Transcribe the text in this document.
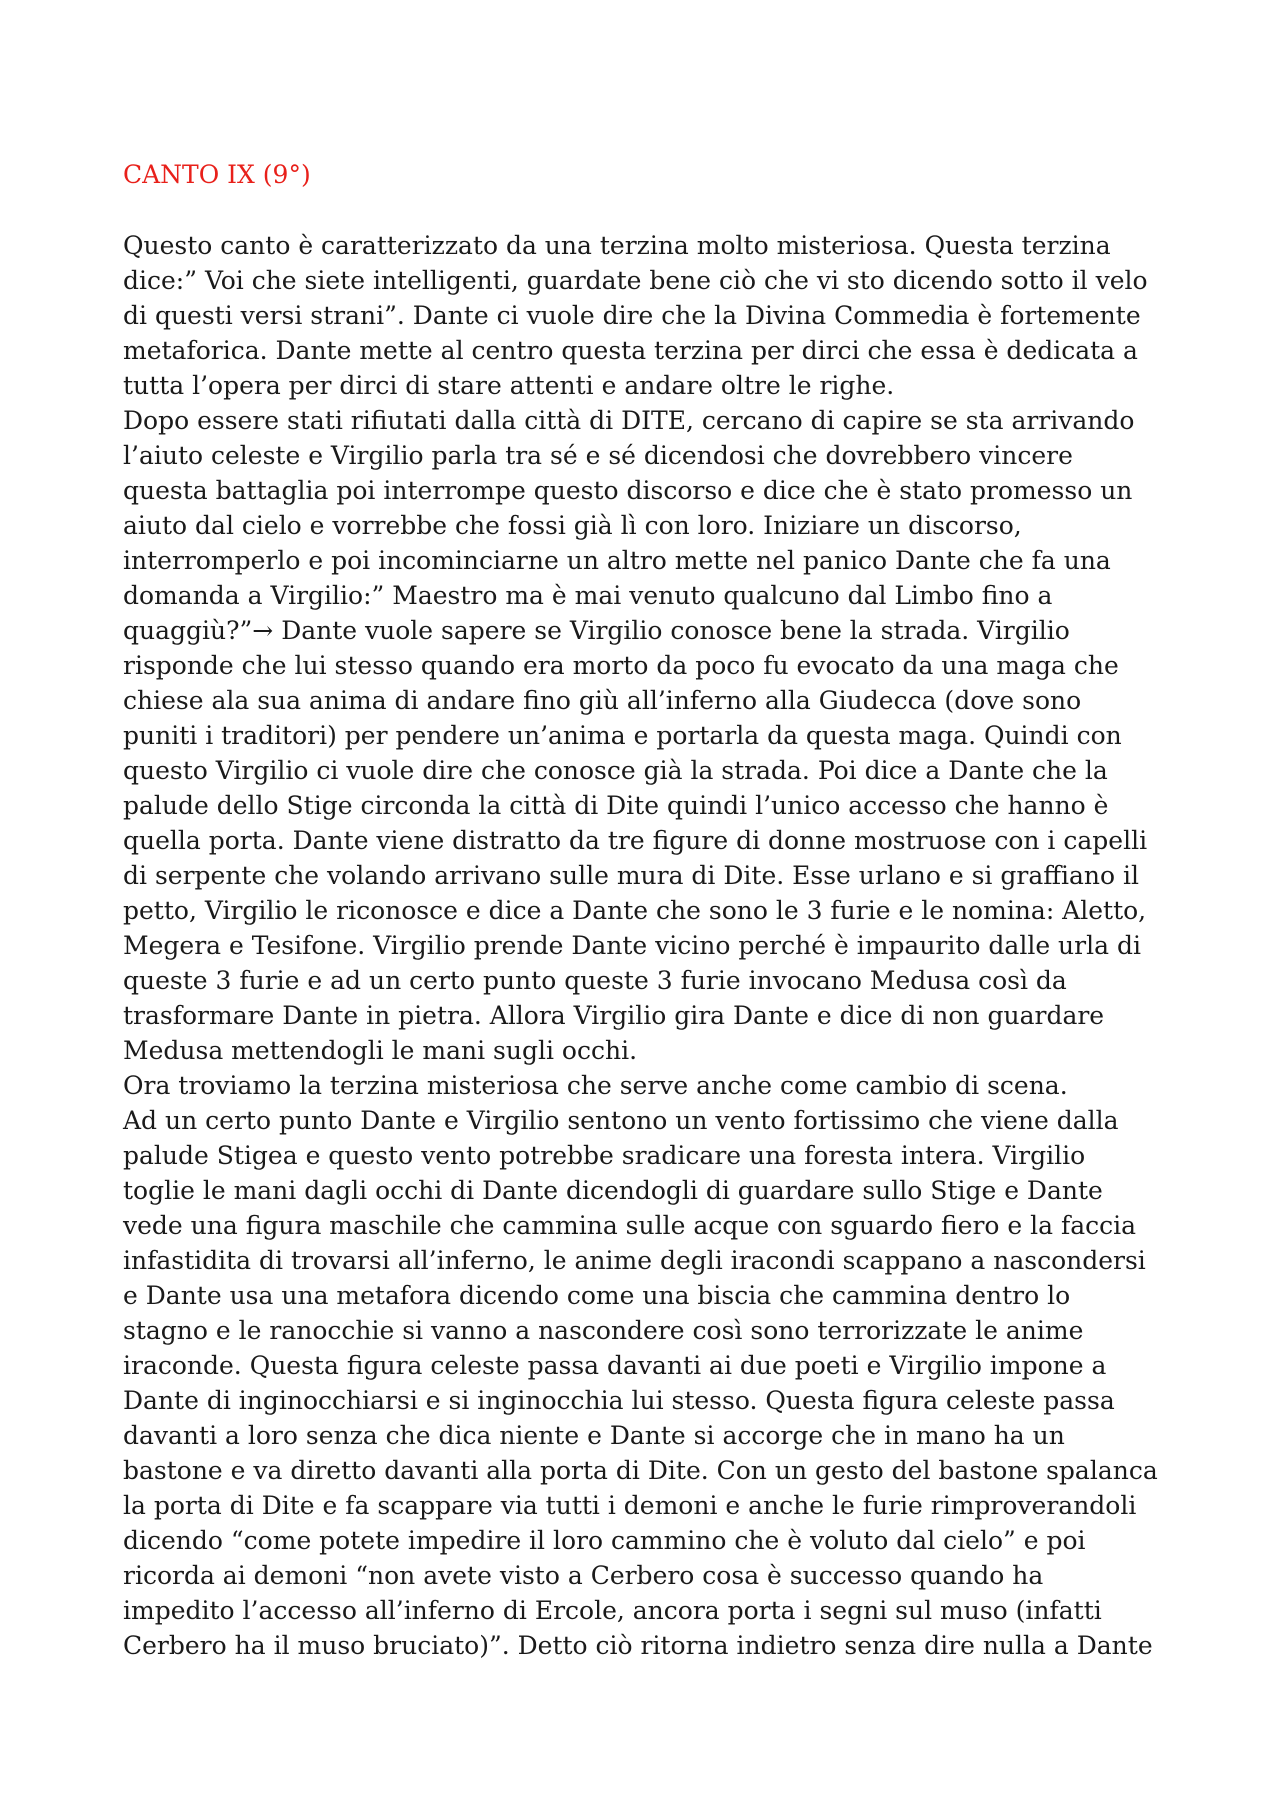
CANTO IX (9°)
Questo canto è caratterizzato da una terzina molto misteriosa. Questa terzina
dice:” Voi che siete intelligenti, guardate bene ciò che vi sto dicendo sotto il velo
di questi versi strani”. Dante ci vuole dire che la Divina Commedia è fortemente
metaforica. Dante mette al centro questa terzina per dirci che essa è dedicata a
tutta l’opera per dirci di stare attenti e andare oltre le righe.
Dopo essere stati rifiutati dalla città di DITE, cercano di capire se sta arrivando
l’aiuto celeste e Virgilio parla tra sé e sé dicendosi che dovrebbero vincere
questa battaglia poi interrompe questo discorso e dice che è stato promesso un
aiuto dal cielo e vorrebbe che fossi già lì con loro. Iniziare un discorso,
interromperlo e poi incominciarne un altro mette nel panico Dante che fa una
domanda a Virgilio:” Maestro ma è mai venuto qualcuno dal Limbo fino a
quaggiù?”→ Dante vuole sapere se Virgilio conosce bene la strada. Virgilio
risponde che lui stesso quando era morto da poco fu evocato da una maga che
chiese ala sua anima di andare fino giù all’inferno alla Giudecca (dove sono
puniti i traditori) per pendere un’anima e portarla da questa maga. Quindi con
questo Virgilio ci vuole dire che conosce già la strada. Poi dice a Dante che la
palude dello Stige circonda la città di Dite quindi l’unico accesso che hanno è
quella porta. Dante viene distratto da tre figure di donne mostruose con i capelli
di serpente che volando arrivano sulle mura di Dite. Esse urlano e si graffiano il
petto, Virgilio le riconosce e dice a Dante che sono le 3 furie e le nomina: Aletto,
Megera e Tesifone. Virgilio prende Dante vicino perché è impaurito dalle urla di
queste 3 furie e ad un certo punto queste 3 furie invocano Medusa così da
trasformare Dante in pietra. Allora Virgilio gira Dante e dice di non guardare
Medusa mettendogli le mani sugli occhi.
Ora troviamo la terzina misteriosa che serve anche come cambio di scena.
Ad un certo punto Dante e Virgilio sentono un vento fortissimo che viene dalla
palude Stigea e questo vento potrebbe sradicare una foresta intera. Virgilio
toglie le mani dagli occhi di Dante dicendogli di guardare sullo Stige e Dante
vede una figura maschile che cammina sulle acque con sguardo fiero e la faccia
infastidita di trovarsi all’inferno, le anime degli iracondi scappano a nascondersi
e Dante usa una metafora dicendo come una biscia che cammina dentro lo
stagno e le ranocchie si vanno a nascondere così sono terrorizzate le anime
iraconde. Questa figura celeste passa davanti ai due poeti e Virgilio impone a
Dante di inginocchiarsi e si inginocchia lui stesso. Questa figura celeste passa
davanti a loro senza che dica niente e Dante si accorge che in mano ha un
bastone e va diretto davanti alla porta di Dite. Con un gesto del bastone spalanca
la porta di Dite e fa scappare via tutti i demoni e anche le furie rimproverandoli
dicendo “come potete impedire il loro cammino che è voluto dal cielo” e poi
ricorda ai demoni “non avete visto a Cerbero cosa è successo quando ha
impedito l’accesso all’inferno di Ercole, ancora porta i segni sul muso (infatti
Cerbero ha il muso bruciato)”. Detto ciò ritorna indietro senza dire nulla a Dante
